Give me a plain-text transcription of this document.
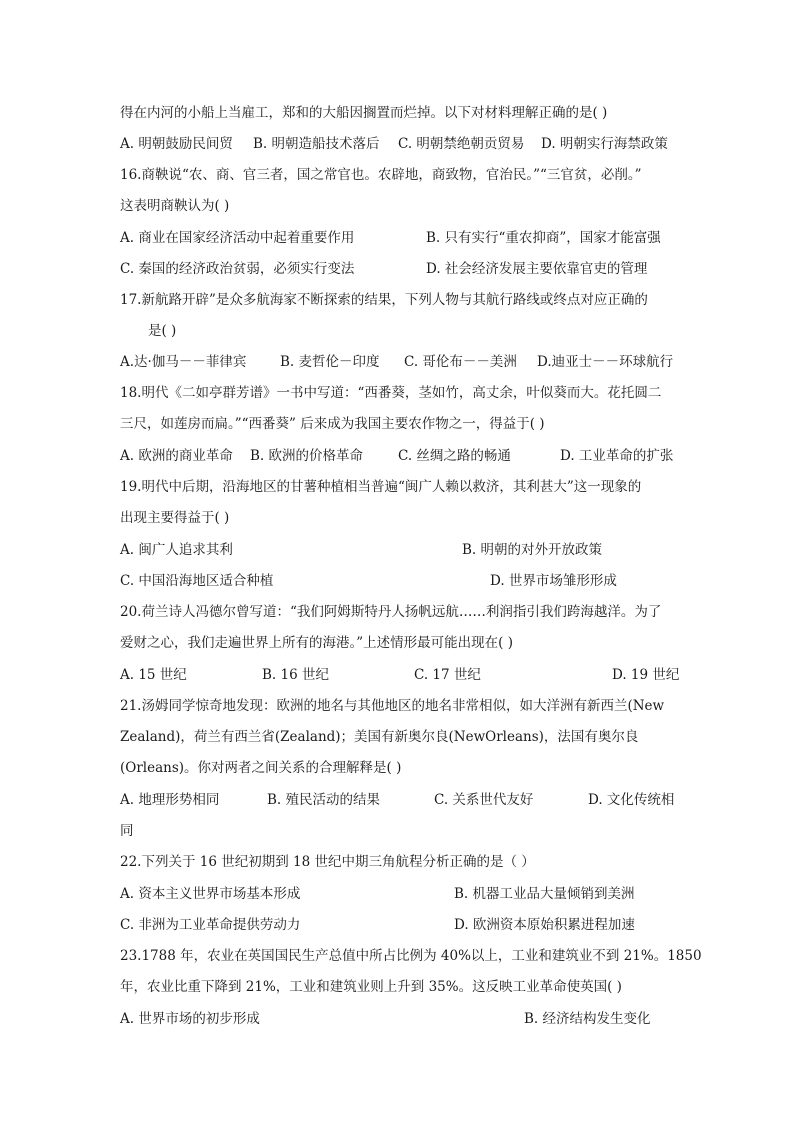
得在内河的小船上当雇工，郑和的大船因搁置而烂掉。以下对材料理解正确的是( )
A. 明朝鼓励民间贸 B. 明朝造船技术落后 C. 明朝禁绝朝贡贸易 D. 明朝实行海禁政策
16.商鞅说“农、商、官三者，国之常官也。农辟地，商致物，官治民。”“三官贫，必削。”
这表明商鞅认为( )
A. 商业在国家经济活动中起着重要作用	B. 只有实行“重农抑商”，国家才能富强
C. 秦国的经济政治贫弱，必须实行变法	D. 社会经济发展主要依靠官吏的管理
17.新航路开辟”是众多航海家不断探索的结果，下列人物与其航行路线或终点对应正确的
是( )
A.达·伽马－－菲律宾 B. 麦哲伦－印度 C. 哥伦布－－美洲 D.迪亚士－－环球航行
18.明代《二如亭群芳谱》一书中写道：“西番葵，茎如竹，高丈余，叶似葵而大。花托圆二
三尺，如莲房而扁。”“西番葵” 后来成为我国主要农作物之一，得益于( )
A. 欧洲的商业革命 B. 欧洲的价格革命	C. 丝绸之路的畅通	D. 工业革命的扩张
19.明代中后期，沿海地区的甘薯种植相当普遍“闽广人赖以救济，其利甚大”这一现象的
出现主要得益于( )
A. 闽广人追求其利	B. 明朝的对外开放政策
C. 中国沿海地区适合种植	D. 世界市场雏形形成
20.荷兰诗人冯德尔曾写道：“我们阿姆斯特丹人扬帆远航……利润指引我们跨海越洋。为了
爱财之心，我们走遍世界上所有的海港。”上述情形最可能出现在( )
A. 15 世纪	B. 16 世纪	C. 17 世纪	D. 19 世纪
21.汤姆同学惊奇地发现：欧洲的地名与其他地区的地名非常相似，如大洋洲有新西兰(New
Zealand)，荷兰有西兰省(Zealand)；美国有新奥尔良(NewOrleans)，法国有奥尔良
(Orleans)。你对两者之间关系的合理解释是( )
A. 地理形势相同	B. 殖民活动的结果	C. 关系世代友好	D. 文化传统相
同
22.下列关于 16 世纪初期到 18 世纪中期三角航程分析正确的是（ ）
A. 资本主义世界市场基本形成	B. 机器工业品大量倾销到美洲
C. 非洲为工业革命提供劳动力	D. 欧洲资本原始积累进程加速
23.1788 年，农业在英国国民生产总值中所占比例为 40%以上，工业和建筑业不到 21%。1850
年，农业比重下降到 21%，工业和建筑业则上升到 35%。这反映工业革命使英国( )
A. 世界市场的初步形成	B. 经济结构发生变化
